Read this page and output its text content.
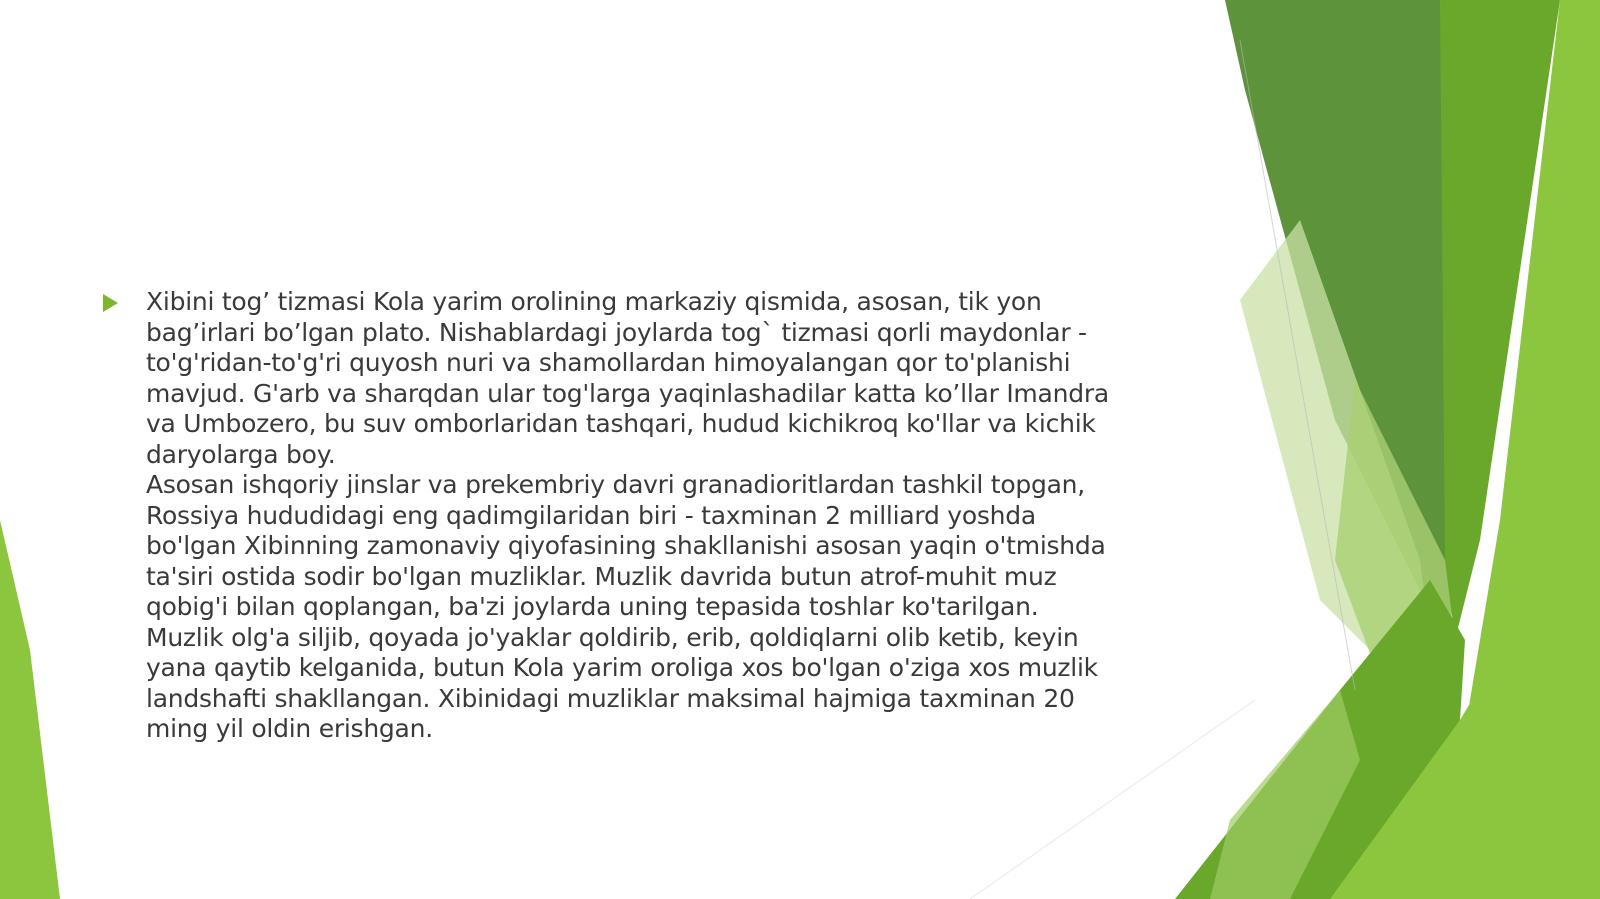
Xibini tog’ tizmasi Kola yarim orolining markaziy qismida, asosan, tik yon
bag’irlari bo’lgan plato. Nishablardagi joylarda tog` tizmasi qorli maydonlar -
to'g'ridan-to'g'ri quyosh nuri va shamollardan himoyalangan qor to'planishi
mavjud. G'arb va sharqdan ular tog'larga yaqinlashadilar katta ko’llar Imandra
va Umbozero, bu suv omborlaridan tashqari, hudud kichikroq ko'llar va kichik
daryolarga boy.
Asosan ishqoriy jinslar va prekembriy davri granadioritlardan tashkil topgan,
Rossiya hududidagi eng qadimgilaridan biri - taxminan 2 milliard yoshda
bo'lgan Xibinning zamonaviy qiyofasining shakllanishi asosan yaqin o'tmishda
ta'siri ostida sodir bo'lgan muzliklar. Muzlik davrida butun atrof-muhit muz
qobig'i bilan qoplangan, ba'zi joylarda uning tepasida toshlar ko'tarilgan.
Muzlik olg'a siljib, qoyada jo'yaklar qoldirib, erib, qoldiqlarni olib ketib, keyin
yana qaytib kelganida, butun Kola yarim oroliga xos bo'lgan o'ziga xos muzlik
landshafti shakllangan. Xibinidagi muzliklar maksimal hajmiga taxminan 20
ming yil oldin erishgan.
